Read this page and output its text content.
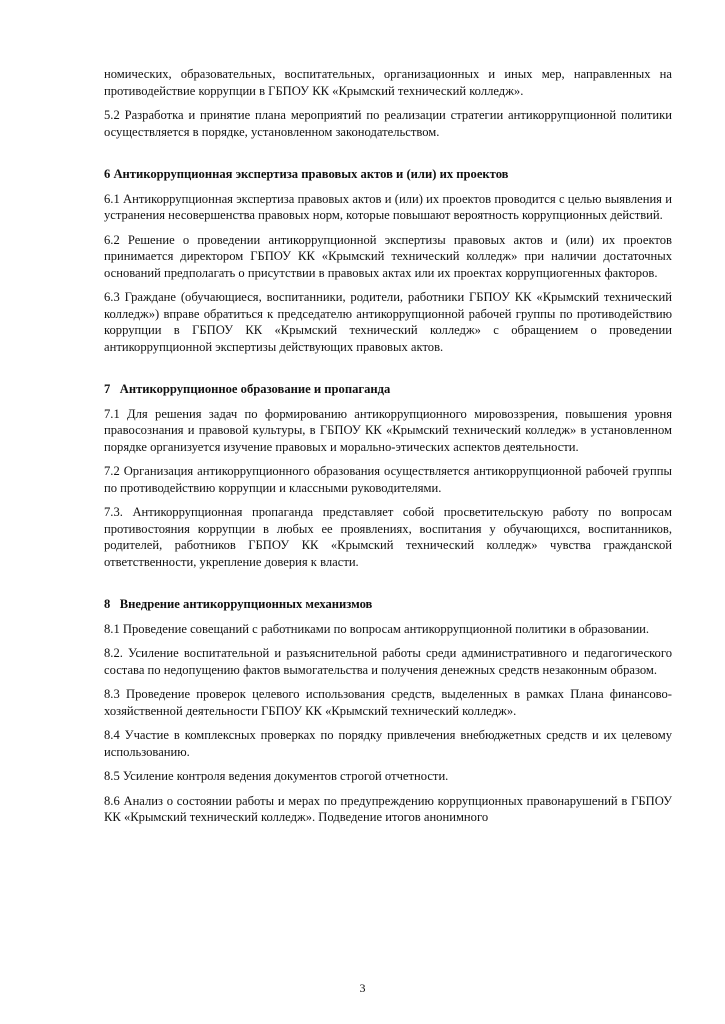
номических, образовательных, воспитательных, организационных и иных мер, направленных на противодействие коррупции в ГБПОУ КК «Крымский технический колледж».

5.2 Разработка и принятие плана мероприятий по реализации стратегии антикоррупционной политики осуществляется в порядке, установленном законодательством.

6 Антикоррупционная экспертиза правовых актов и (или) их проектов

6.1 Антикоррупционная экспертиза правовых актов и (или) их проектов проводится с целью выявления и устранения несовершенства правовых норм, которые повышают вероятность коррупционных действий.

6.2 Решение о проведении антикоррупционной экспертизы правовых актов и (или) их проектов принимается директором ГБПОУ КК «Крымский технический колледж» при наличии достаточных оснований предполагать о присутствии в правовых актах или их проектах коррупциогенных факторов.

6.3 Граждане (обучающиеся, воспитанники, родители, работники ГБПОУ КК «Крымский технический колледж») вправе обратиться к председателю антикоррупционной рабочей группы по противодействию коррупции в ГБПОУ КК «Крымский технический колледж» с обращением о проведении антикоррупционной экспертизы действующих правовых актов.

7   Антикоррупционное образование и пропаганда

7.1 Для решения задач по формированию антикоррупционного мировоззрения, повышения уровня правосознания и правовой культуры, в ГБПОУ КК «Крымский технический колледж» в установленном порядке организуется изучение правовых и морально-этических аспектов деятельности.

7.2 Организация антикоррупционного образования осуществляется антикоррупционной рабочей группы по противодействию коррупции и классными руководителями.

7.3. Антикоррупционная пропаганда представляет собой просветительскую работу по вопросам противостояния коррупции в любых ее проявлениях, воспитания у обучающихся, воспитанников, родителей, работников ГБПОУ КК «Крымский технический колледж» чувства гражданской ответственности, укрепление доверия к власти.

8   Внедрение антикоррупционных механизмов

8.1 Проведение совещаний с работниками по вопросам антикоррупционной политики в образовании.

8.2. Усиление воспитательной и разъяснительной работы среди административного и педагогического состава по недопущению фактов вымогательства и получения денежных средств незаконным образом.

8.3 Проведение проверок целевого использования средств, выделенных в рамках Плана финансово-хозяйственной деятельности ГБПОУ КК «Крымский технический колледж».

8.4 Участие в комплексных проверках по порядку привлечения внебюджетных средств и их целевому использованию.

8.5 Усиление контроля ведения документов строгой отчетности.

8.6 Анализ о состоянии работы и мерах по предупреждению коррупционных правонарушений в ГБПОУ КК «Крымский технический колледж». Подведение итогов анонимного

3
